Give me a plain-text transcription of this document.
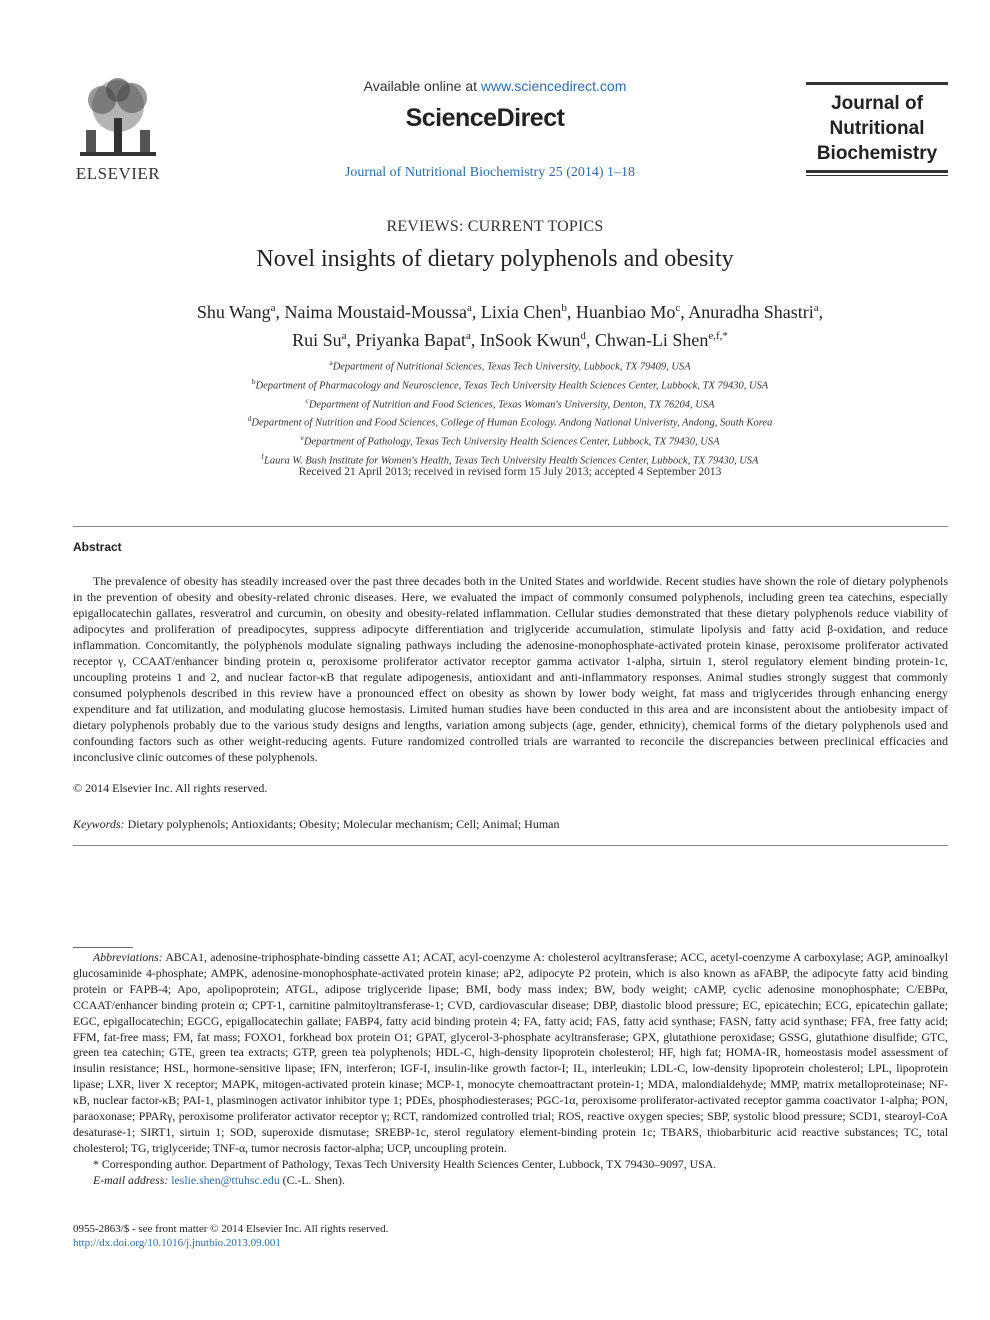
ELSEVIER
Available online at www.sciencedirect.com
ScienceDirect
Journal of Nutritional Biochemistry 25 (2014) 1–18
Journal of
Nutritional
Biochemistry
REVIEWS: CURRENT TOPICS
Novel insights of dietary polyphenols and obesity
Shu Wang$^a$, Naima Moustaid-Moussa$^a$, Lixia Chen$^b$, Huanbiao Mo$^c$, Anuradha Shastri$^a$,
Rui Su$^a$, Priyanka Bapat$^a$, InSook Kwun$^d$, Chwan-Li Shen$^{e,f,*}$
$^a$Department of Nutritional Sciences, Texas Tech University, Lubbock, TX 79409, USA
$^b$Department of Pharmacology and Neuroscience, Texas Tech University Health Sciences Center, Lubbock, TX 79430, USA
$^c$Department of Nutrition and Food Sciences, Texas Woman's University, Denton, TX 76204, USA
$^d$Department of Nutrition and Food Sciences, College of Human Ecology. Andong National Univeristy, Andong, South Korea
$^e$Department of Pathology, Texas Tech University Health Sciences Center, Lubbock, TX 79430, USA
$^f$Laura W. Bush Institute for Women's Health, Texas Tech University Health Sciences Center, Lubbock, TX 79430, USA
Received 21 April 2013; received in revised form 15 July 2013; accepted 4 September 2013
Abstract
The prevalence of obesity has steadily increased over the past three decades both in the United States and worldwide. Recent studies have shown the role of dietary polyphenols in the prevention of obesity and obesity-related chronic diseases. Here, we evaluated the impact of commonly consumed polyphenols, including green tea catechins, especially epigallocatechin gallates, resveratrol and curcumin, on obesity and obesity-related inflammation. Cellular studies demonstrated that these dietary polyphenols reduce viability of adipocytes and proliferation of preadipocytes, suppress adipocyte differentiation and triglyceride accumulation, stimulate lipolysis and fatty acid β-oxidation, and reduce inflammation. Concomitantly, the polyphenols modulate signaling pathways including the adenosine-monophosphate-activated protein kinase, peroxisome proliferator activated receptor γ, CCAAT/enhancer binding protein α, peroxisome proliferator activator receptor gamma activator 1-alpha, sirtuin 1, sterol regulatory element binding protein-1c, uncoupling proteins 1 and 2, and nuclear factor-κB that regulate adipogenesis, antioxidant and anti-inflammatory responses. Animal studies strongly suggest that commonly consumed polyphenols described in this review have a pronounced effect on obesity as shown by lower body weight, fat mass and triglycerides through enhancing energy expenditure and fat utilization, and modulating glucose hemostasis. Limited human studies have been conducted in this area and are inconsistent about the antiobesity impact of dietary polyphenols probably due to the various study designs and lengths, variation among subjects (age, gender, ethnicity), chemical forms of the dietary polyphenols used and confounding factors such as other weight-reducing agents. Future randomized controlled trials are warranted to reconcile the discrepancies between preclinical efficacies and inconclusive clinic outcomes of these polyphenols.
© 2014 Elsevier Inc. All rights reserved.
Keywords: Dietary polyphenols; Antioxidants; Obesity; Molecular mechanism; Cell; Animal; Human
Abbreviations: ABCA1, adenosine-triphosphate-binding cassette A1; ACAT, acyl-coenzyme A: cholesterol acyltransferase; ACC, acetyl-coenzyme A carboxylase; AGP, aminoalkyl glucosaminide 4-phosphate; AMPK, adenosine-monophosphate-activated protein kinase; aP2, adipocyte P2 protein, which is also known as aFABP, the adipocyte fatty acid binding protein or FAPB-4; Apo, apolipoprotein; ATGL, adipose triglyceride lipase; BMI, body mass index; BW, body weight; cAMP, cyclic adenosine monophosphate; C/EBPα, CCAAT/enhancer binding protein α; CPT-1, carnitine palmitoyltransferase-1; CVD, cardiovascular disease; DBP, diastolic blood pressure; EC, epicatechin; ECG, epicatechin gallate; EGC, epigallocatechin; EGCG, epigallocatechin gallate; FABP4, fatty acid binding protein 4; FA, fatty acid; FAS, fatty acid synthase; FASN, fatty acid synthase; FFA, free fatty acid; FFM, fat-free mass; FM, fat mass; FOXO1, forkhead box protein O1; GPAT, glycerol-3-phosphate acyltransferase; GPX, glutathione peroxidase; GSSG, glutathione disulfide; GTC, green tea catechin; GTE, green tea extracts; GTP, green tea polyphenols; HDL-C, high-density lipoprotein cholesterol; HF, high fat; HOMA-IR, homeostasis model assessment of insulin resistance; HSL, hormone-sensitive lipase; IFN, interferon; IGF-I, insulin-like growth factor-I; IL, interleukin; LDL-C, low-density lipoprotein cholesterol; LPL, lipoprotein lipase; LXR, liver X receptor; MAPK, mitogen-activated protein kinase; MCP-1, monocyte chemoattractant protein-1; MDA, malondialdehyde; MMP, matrix metalloproteinase; NF-κB, nuclear factor-κB; PAI-1, plasminogen activator inhibitor type 1; PDEs, phosphodiesterases; PGC-1α, peroxisome proliferator-activated receptor gamma coactivator 1-alpha; PON, paraoxonase; PPARγ, peroxisome proliferator activator receptor γ; RCT, randomized controlled trial; ROS, reactive oxygen species; SBP, systolic blood pressure; SCD1, stearoyl-CoA desaturase-1; SIRT1, sirtuin 1; SOD, superoxide dismutase; SREBP-1c, sterol regulatory element-binding protein 1c; TBARS, thiobarbituric acid reactive substances; TC, total cholesterol; TG, triglyceride; TNF-α, tumor necrosis factor-alpha; UCP, uncoupling protein.
* Corresponding author. Department of Pathology, Texas Tech University Health Sciences Center, Lubbock, TX 79430–9097, USA.
E-mail address: leslie.shen@ttuhsc.edu (C.-L. Shen).
0955-2863/$ - see front matter © 2014 Elsevier Inc. All rights reserved.
http://dx.doi.org/10.1016/j.jnutbio.2013.09.001
